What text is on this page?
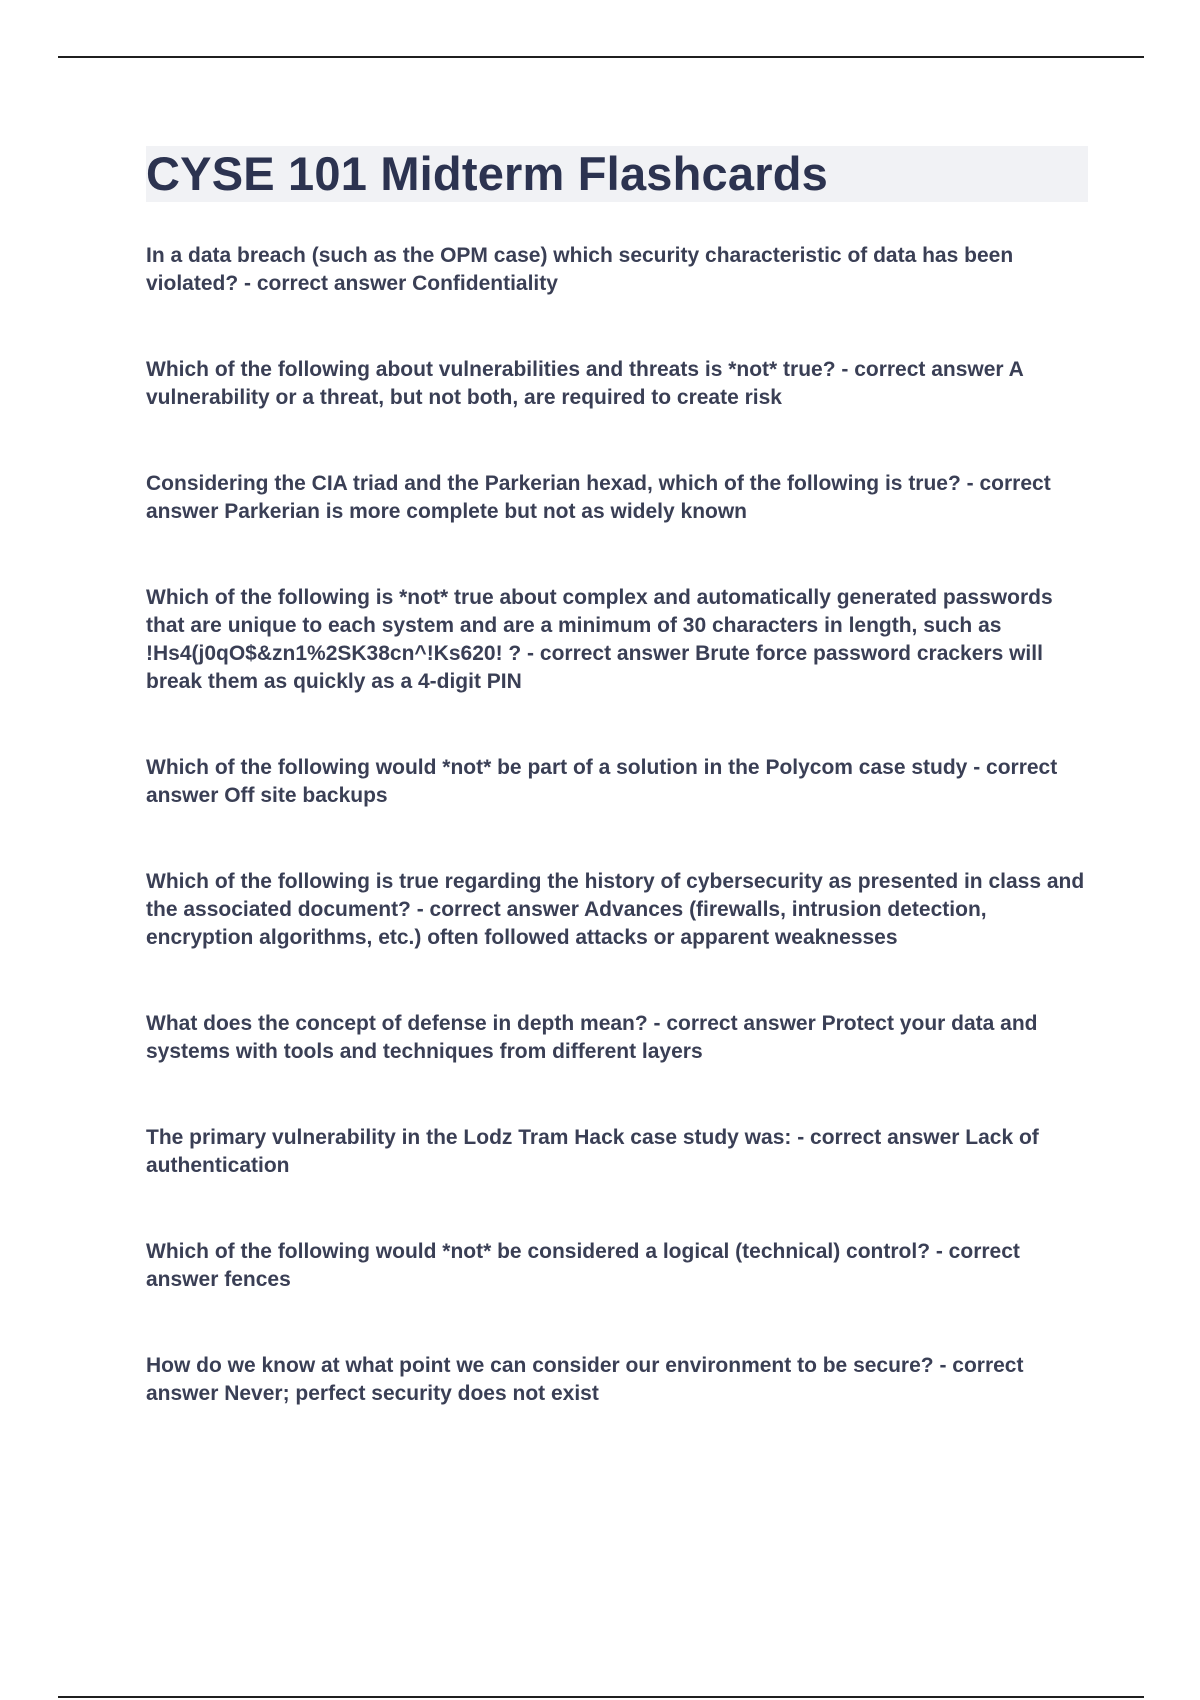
CYSE 101 Midterm Flashcards
In a data breach (such as the OPM case) which security characteristic of data has been violated? - correct answer Confidentiality
Which of the following about vulnerabilities and threats is *not* true? - correct answer A vulnerability or a threat, but not both, are required to create risk
Considering the CIA triad and the Parkerian hexad, which of the following is true? - correct answer Parkerian is more complete but not as widely known
Which of the following is *not* true about complex and automatically generated passwords that are unique to each system and are a minimum of 30 characters in length, such as !Hs4(j0qO$&zn1%2SK38cn^!Ks620! ? - correct answer Brute force password crackers will break them as quickly as a 4-digit PIN
Which of the following would *not* be part of a solution in the Polycom case study - correct answer Off site backups
Which of the following is true regarding the history of cybersecurity as presented in class and the associated document? - correct answer Advances (firewalls, intrusion detection, encryption algorithms, etc.) often followed attacks or apparent weaknesses
What does the concept of defense in depth mean? - correct answer Protect your data and systems with tools and techniques from different layers
The primary vulnerability in the Lodz Tram Hack case study was: - correct answer Lack of authentication
Which of the following would *not* be considered a logical (technical) control? - correct answer fences
How do we know at what point we can consider our environment to be secure? - correct answer Never; perfect security does not exist
